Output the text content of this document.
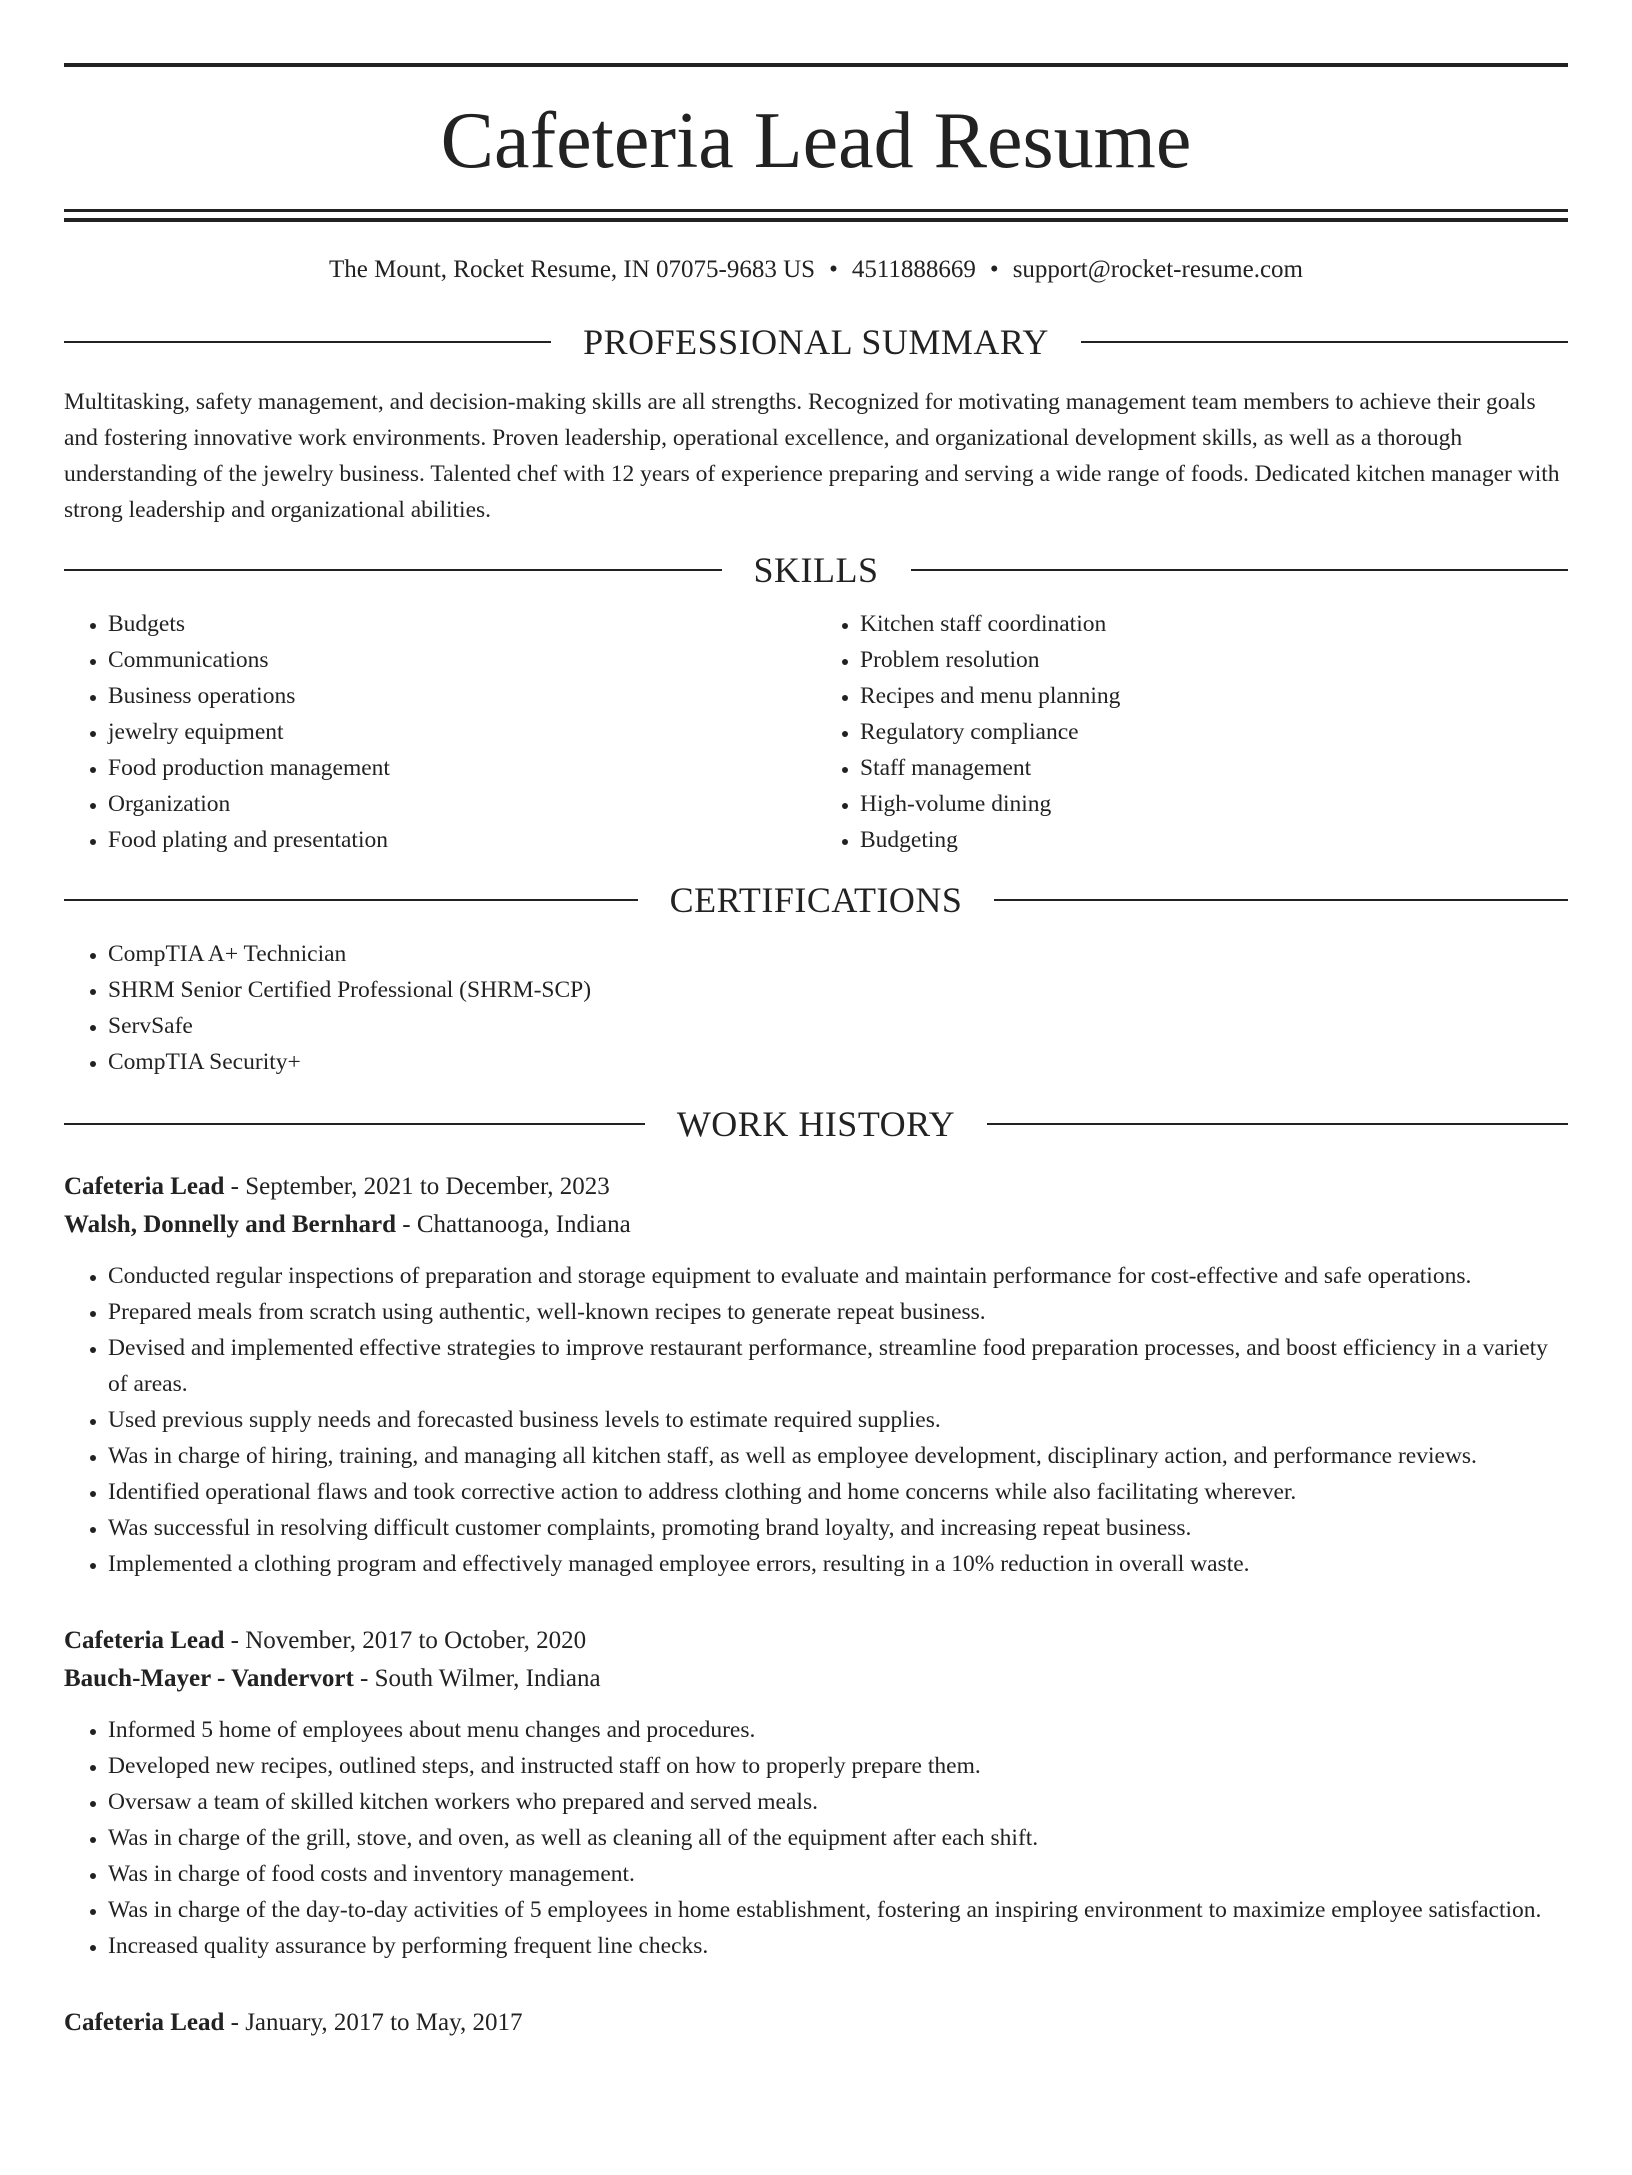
Cafeteria Lead Resume
The Mount, Rocket Resume, IN 07075-9683 US • 4511888669 • support@rocket-resume.com
PROFESSIONAL SUMMARY
Multitasking, safety management, and decision-making skills are all strengths. Recognized for motivating management team members to achieve their goals and fostering innovative work environments. Proven leadership, operational excellence, and organizational development skills, as well as a thorough understanding of the jewelry business. Talented chef with 12 years of experience preparing and serving a wide range of foods. Dedicated kitchen manager with strong leadership and organizational abilities.
SKILLS
• Budgets
• Communications
• Business operations
• jewelry equipment
• Food production management
• Organization
• Food plating and presentation
• Kitchen staff coordination
• Problem resolution
• Recipes and menu planning
• Regulatory compliance
• Staff management
• High-volume dining
• Budgeting
CERTIFICATIONS
• CompTIA A+ Technician
• SHRM Senior Certified Professional (SHRM-SCP)
• ServSafe
• CompTIA Security+
WORK HISTORY
Cafeteria Lead - September, 2021 to December, 2023
Walsh, Donnelly and Bernhard - Chattanooga, Indiana
• Conducted regular inspections of preparation and storage equipment to evaluate and maintain performance for cost-effective and safe operations.
• Prepared meals from scratch using authentic, well-known recipes to generate repeat business.
• Devised and implemented effective strategies to improve restaurant performance, streamline food preparation processes, and boost efficiency in a variety of areas.
• Used previous supply needs and forecasted business levels to estimate required supplies.
• Was in charge of hiring, training, and managing all kitchen staff, as well as employee development, disciplinary action, and performance reviews.
• Identified operational flaws and took corrective action to address clothing and home concerns while also facilitating wherever.
• Was successful in resolving difficult customer complaints, promoting brand loyalty, and increasing repeat business.
• Implemented a clothing program and effectively managed employee errors, resulting in a 10% reduction in overall waste.
Cafeteria Lead - November, 2017 to October, 2020
Bauch-Mayer - Vandervort - South Wilmer, Indiana
• Informed 5 home of employees about menu changes and procedures.
• Developed new recipes, outlined steps, and instructed staff on how to properly prepare them.
• Oversaw a team of skilled kitchen workers who prepared and served meals.
• Was in charge of the grill, stove, and oven, as well as cleaning all of the equipment after each shift.
• Was in charge of food costs and inventory management.
• Was in charge of the day-to-day activities of 5 employees in home establishment, fostering an inspiring environment to maximize employee satisfaction.
• Increased quality assurance by performing frequent line checks.
Cafeteria Lead - January, 2017 to May, 2017
